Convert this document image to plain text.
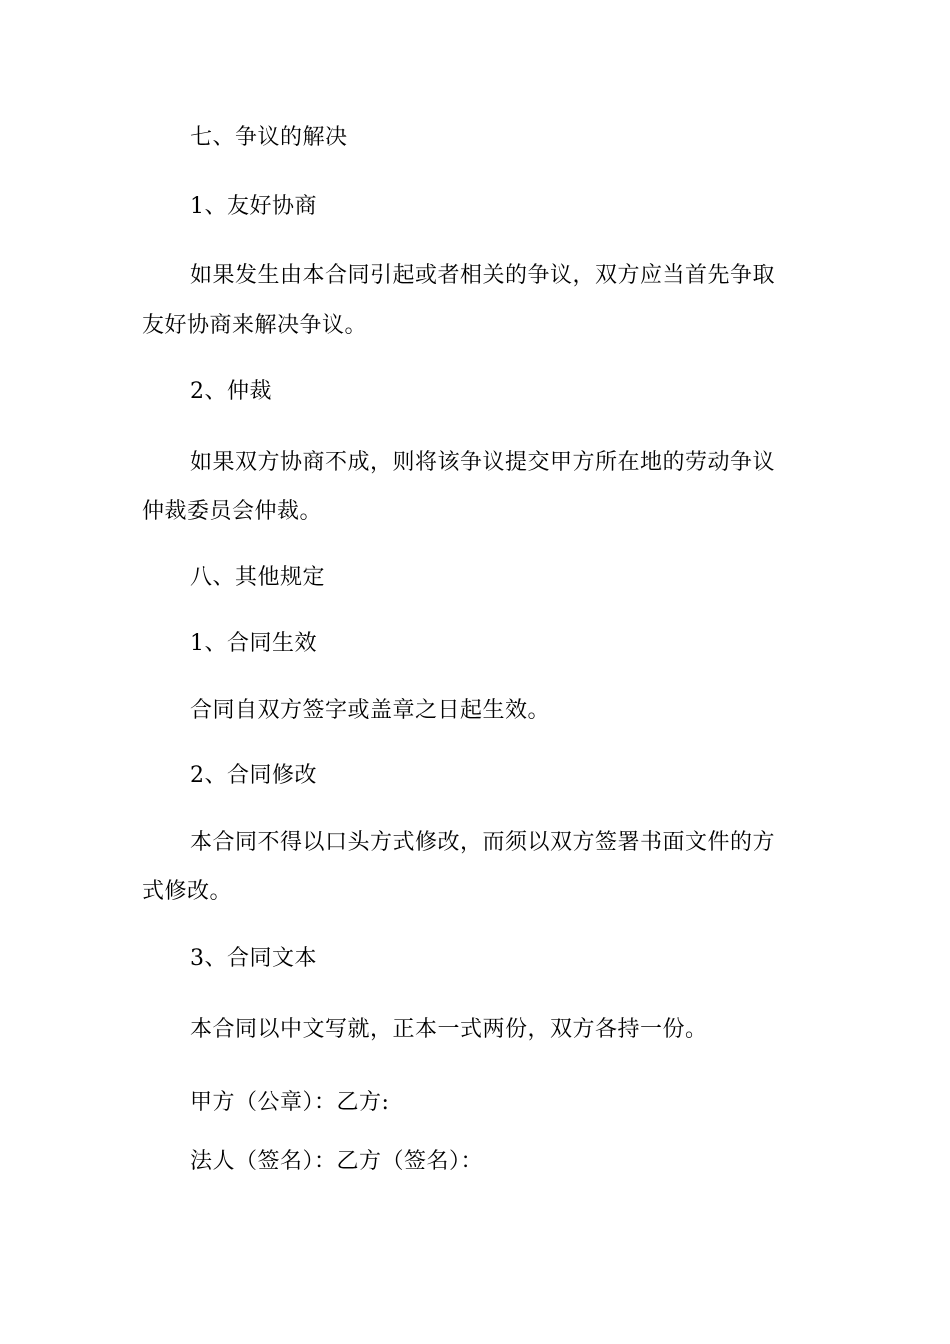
七、争议的解决
1、友好协商
如果发生由本合同引起或者相关的争议，双方应当首先争取
友好协商来解决争议。
2、仲裁
如果双方协商不成，则将该争议提交甲方所在地的劳动争议
仲裁委员会仲裁。
八、其他规定
1、合同生效
合同自双方签字或盖章之日起生效。
2、合同修改
本合同不得以口头方式修改，而须以双方签署书面文件的方
式修改。
3、合同文本
本合同以中文写就，正本一式两份，双方各持一份。
甲方（公章）：乙方:
法人（签名）：乙方（签名）：
